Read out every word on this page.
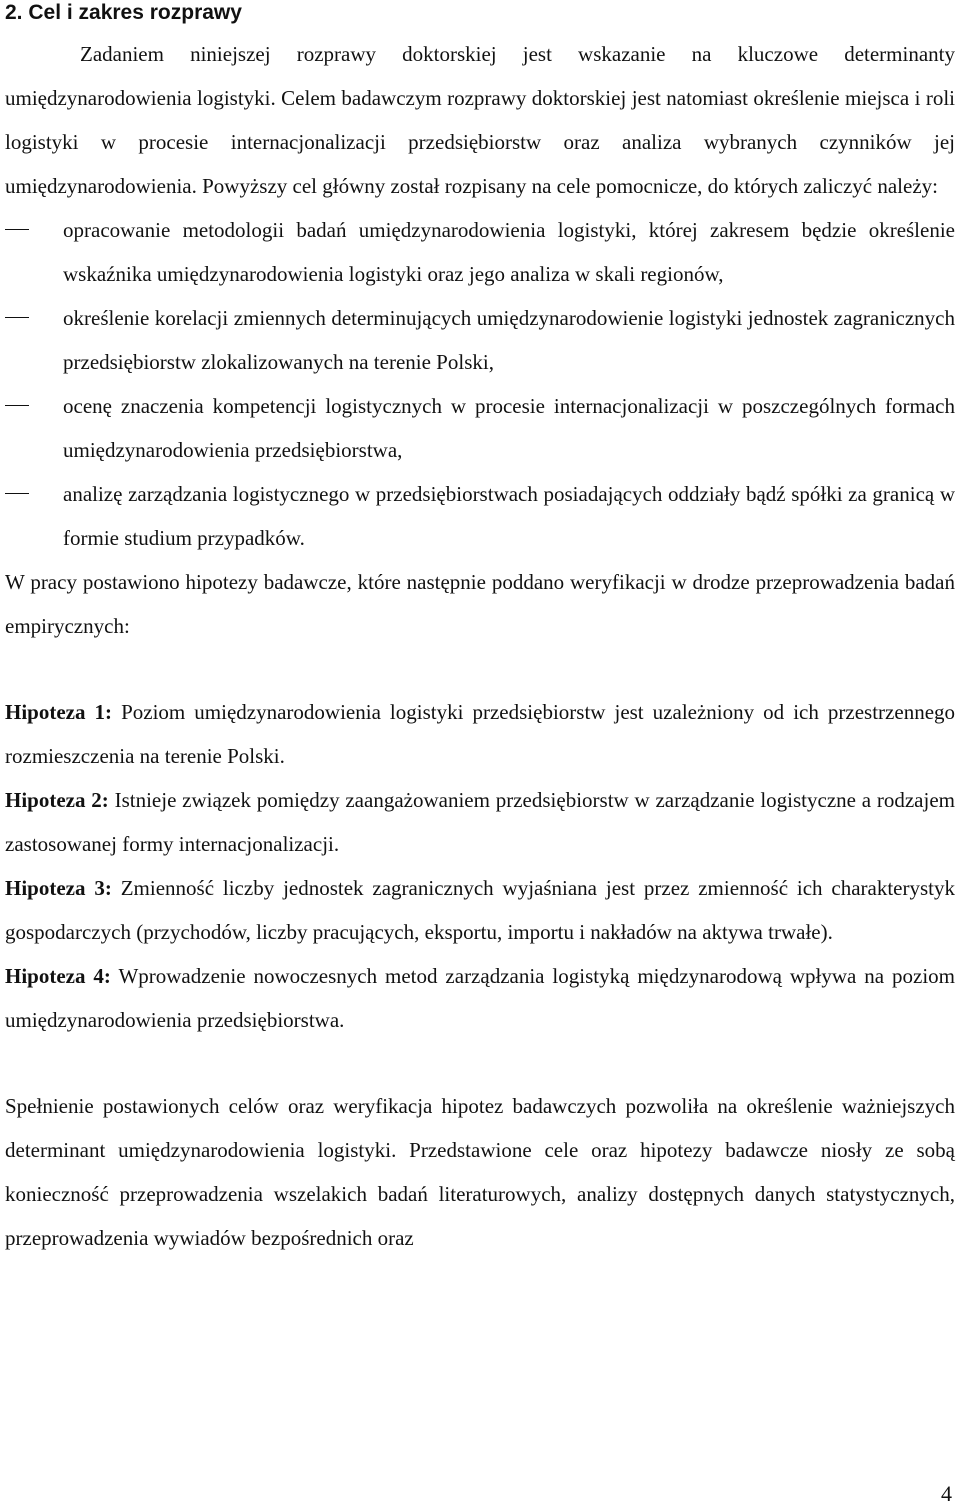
2. Cel i zakres rozprawy

Zadaniem niniejszej rozprawy doktorskiej jest wskazanie na kluczowe determinanty umiędzynarodowienia logistyki. Celem badawczym rozprawy doktorskiej jest natomiast określenie miejsca i roli logistyki w procesie internacjonalizacji przedsiębiorstw oraz analiza wybranych czynników jej umiędzynarodowienia. Powyższy cel główny został rozpisany na cele pomocnicze, do których zaliczyć należy:

opracowanie metodologii badań umiędzynarodowienia logistyki, której zakresem będzie określenie wskaźnika umiędzynarodowienia logistyki oraz jego analiza w skali regionów,
określenie korelacji zmiennych determinujących umiędzynarodowienie logistyki jednostek zagranicznych przedsiębiorstw zlokalizowanych na terenie Polski,
ocenę znaczenia kompetencji logistycznych w procesie internacjonalizacji w poszczególnych formach umiędzynarodowienia przedsiębiorstwa,
analizę zarządzania logistycznego w przedsiębiorstwach posiadających oddziały bądź spółki za granicą w formie studium przypadków.

W pracy postawiono hipotezy badawcze, które następnie poddano weryfikacji w drodze przeprowadzenia badań empirycznych:

Hipoteza 1: Poziom umiędzynarodowienia logistyki przedsiębiorstw jest uzależniony od ich przestrzennego rozmieszczenia na terenie Polski.

Hipoteza 2: Istnieje związek pomiędzy zaangażowaniem przedsiębiorstw w zarządzanie logistyczne a rodzajem zastosowanej formy internacjonalizacji.

Hipoteza 3: Zmienność liczby jednostek zagranicznych wyjaśniana jest przez zmienność ich charakterystyk gospodarczych (przychodów, liczby pracujących, eksportu, importu i nakładów na aktywa trwałe).

Hipoteza 4: Wprowadzenie nowoczesnych metod zarządzania logistyką międzynarodową wpływa na poziom umiędzynarodowienia przedsiębiorstwa.

Spełnienie postawionych celów oraz weryfikacja hipotez badawczych pozwoliła na określenie ważniejszych determinant umiędzynarodowienia logistyki. Przedstawione cele oraz hipotezy badawcze niosły ze sobą konieczność przeprowadzenia wszelakich badań literaturowych, analizy dostępnych danych statystycznych, przeprowadzenia wywiadów bezpośrednich oraz

4
